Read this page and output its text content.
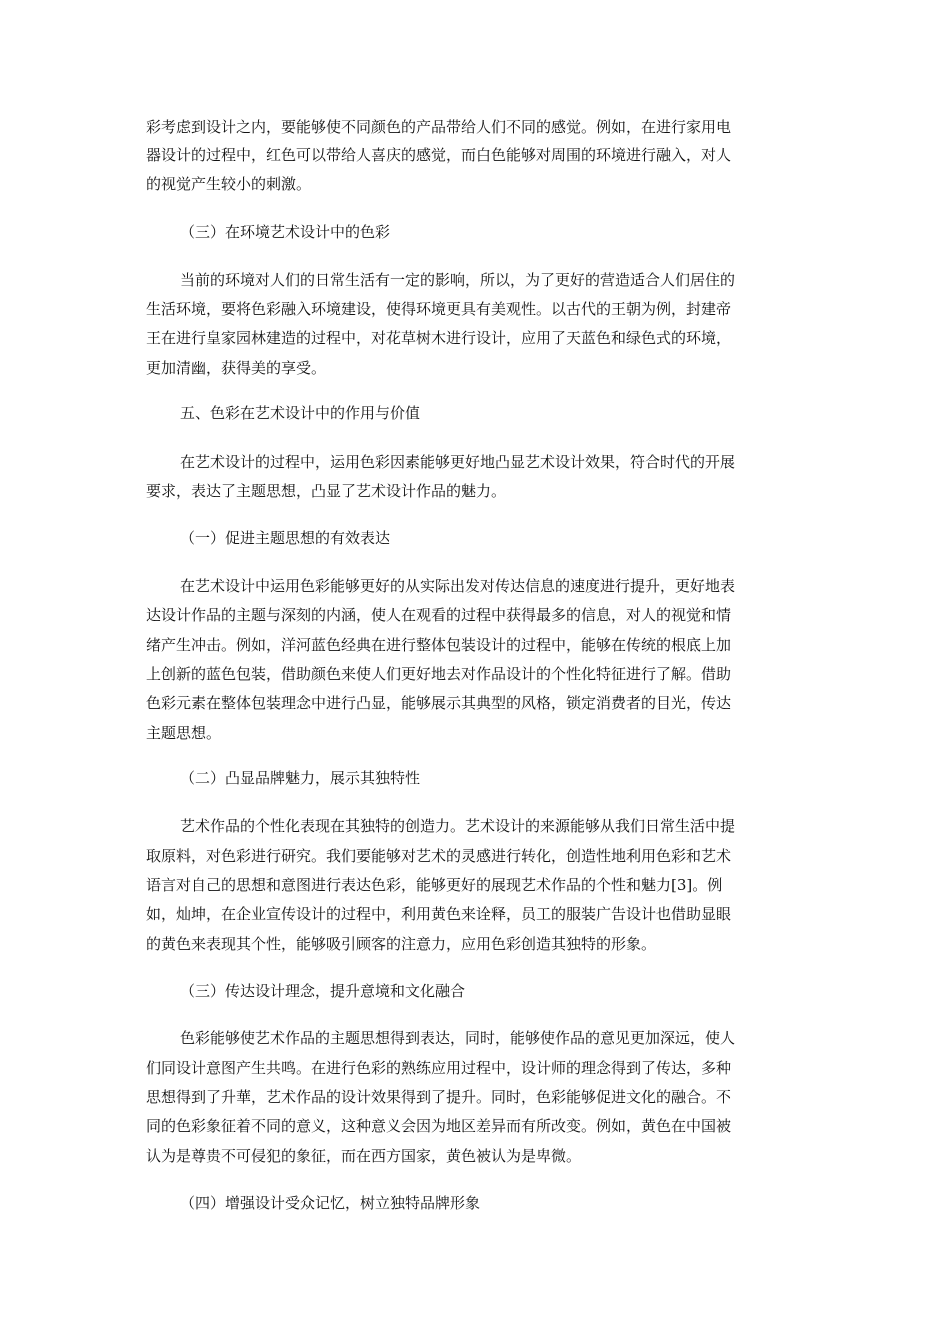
彩考虑到设计之内，要能够使不同颜色的产品带给人们不同的感觉。例如，在进行家用电
器设计的过程中，红色可以带给人喜庆的感觉，而白色能够对周围的环境进行融入，对人
的视觉产生较小的刺激。
（三）在环境艺术设计中的色彩
当前的环境对人们的日常生活有一定的影响，所以，为了更好的营造适合人们居住的
生活环境，要将色彩融入环境建设，使得环境更具有美观性。以古代的王朝为例，封建帝
王在进行皇家园林建造的过程中，对花草树木进行设计，应用了天蓝色和绿色式的环境，
更加清幽，获得美的享受。
五、色彩在艺术设计中的作用与价值
在艺术设计的过程中，运用色彩因素能够更好地凸显艺术设计效果，符合时代的开展
要求，表达了主题思想，凸显了艺术设计作品的魅力。
（一）促进主题思想的有效表达
在艺术设计中运用色彩能够更好的从实际出发对传达信息的速度进行提升，更好地表
达设计作品的主题与深刻的内涵，使人在观看的过程中获得最多的信息，对人的视觉和情
绪产生冲击。例如，洋河蓝色经典在进行整体包装设计的过程中，能够在传统的根底上加
上创新的蓝色包装，借助颜色来使人们更好地去对作品设计的个性化特征进行了解。借助
色彩元素在整体包装理念中进行凸显，能够展示其典型的风格，锁定消费者的目光，传达
主题思想。
（二）凸显品牌魅力，展示其独特性
艺术作品的个性化表现在其独特的创造力。艺术设计的来源能够从我们日常生活中提
取原料，对色彩进行研究。我们要能够对艺术的灵感进行转化，创造性地利用色彩和艺术
语言对自己的思想和意图进行表达色彩，能够更好的展现艺术作品的个性和魅力[3]。例
如，灿坤，在企业宣传设计的过程中，利用黄色来诠释，员工的服装广告设计也借助显眼
的黄色来表现其个性，能够吸引顾客的注意力，应用色彩创造其独特的形象。
（三）传达设计理念，提升意境和文化融合
色彩能够使艺术作品的主题思想得到表达，同时，能够使作品的意见更加深远，使人
们同设计意图产生共鸣。在进行色彩的熟练应用过程中，设计师的理念得到了传达，多种
思想得到了升華，艺术作品的设计效果得到了提升。同时，色彩能够促进文化的融合。不
同的色彩象征着不同的意义，这种意义会因为地区差异而有所改变。例如，黄色在中国被
认为是尊贵不可侵犯的象征，而在西方国家，黄色被认为是卑微。
（四）增强设计受众记忆，树立独特品牌形象
